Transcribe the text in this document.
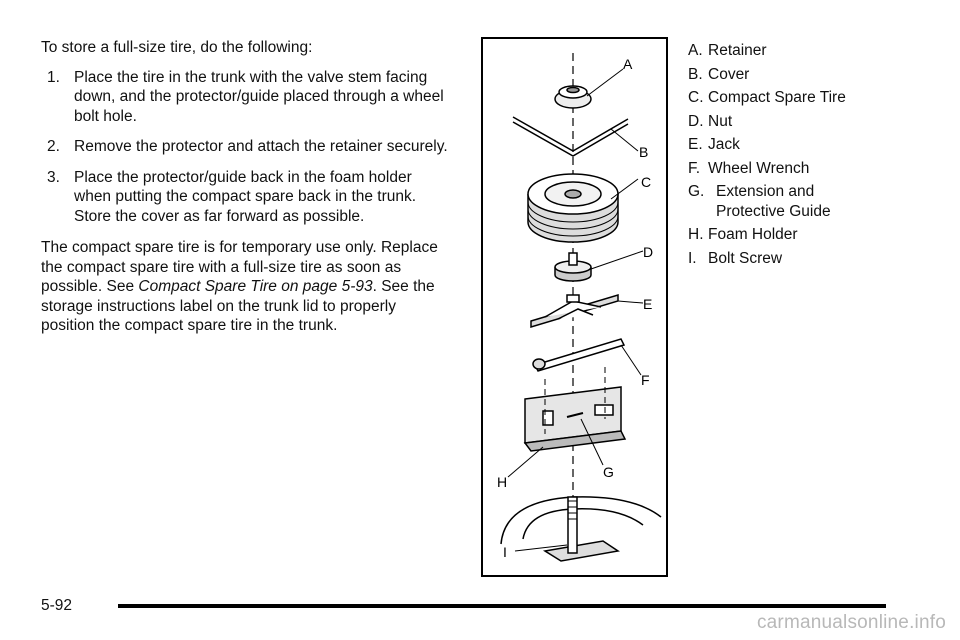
To store a full-size tire, do the following:

1. Place the tire in the trunk with the valve stem facing down, and the protector/guide placed through a wheel bolt hole.
2. Remove the protector and attach the retainer securely.
3. Place the protector/guide back in the foam holder when putting the compact spare back in the trunk. Store the cover as far forward as possible.

The compact spare tire is for temporary use only. Replace the compact spare tire with a full-size tire as soon as possible. See Compact Spare Tire on page 5-93. See the storage instructions label on the trunk lid to properly position the compact spare tire in the trunk.

A
B
C
D
E
F
G
H
I
A. Retainer
B. Cover
C. Compact Spare Tire
D. Nut
E. Jack
F. Wheel Wrench
G. Extension and Protective Guide
H. Foam Holder
I. Bolt Screw
5-92
carmanualsonline.info
